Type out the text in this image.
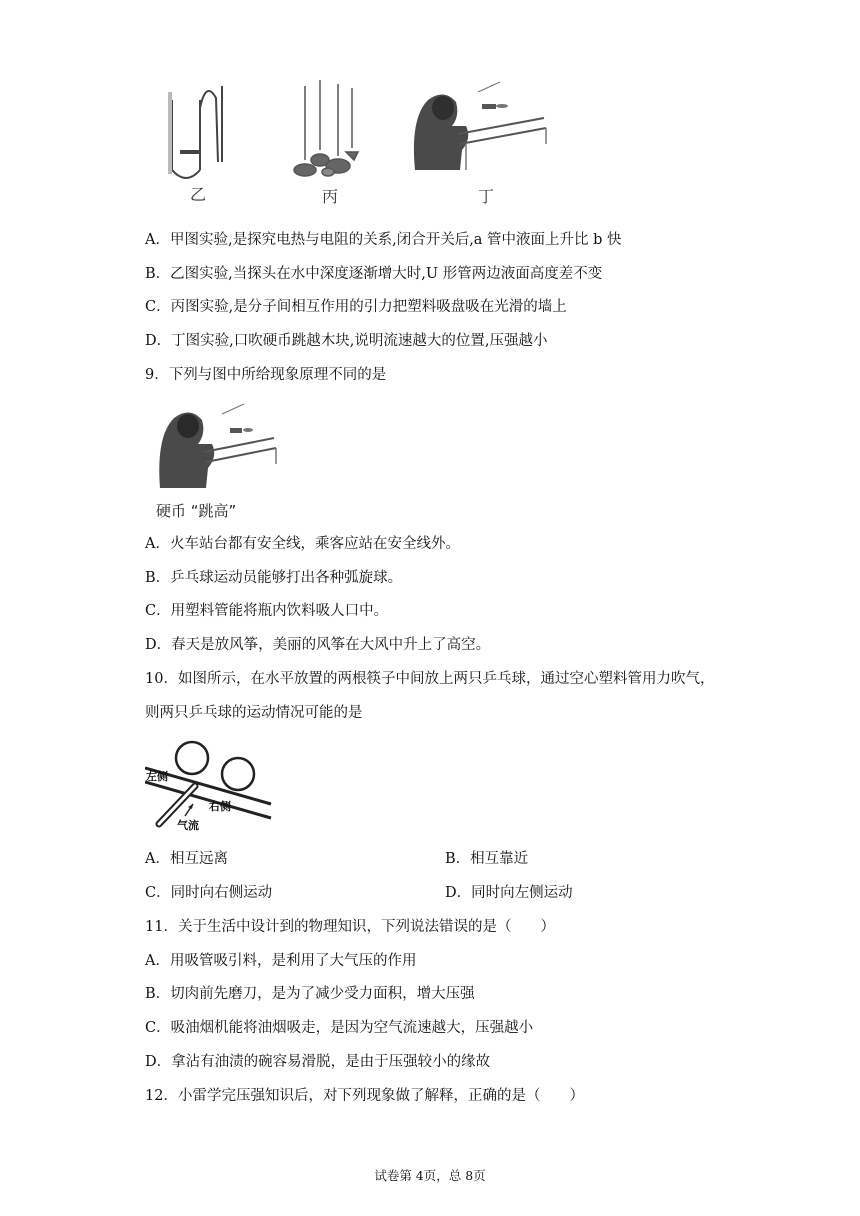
乙	丙	丁
A．甲图实验,是探究电热与电阻的关系,闭合开关后,a 管中液面上升比 b 快
B．乙图实验,当探头在水中深度逐渐增大时,U 形管两边液面高度差不变
C．丙图实验,是分子间相互作用的引力把塑料吸盘吸在光滑的墙上
D．丁图实验,口吹硬币跳越木块,说明流速越大的位置,压强越小
9．下列与图中所给现象原理不同的是
硬币 “跳高”
A．火车站台都有安全线，乘客应站在安全线外。
B．乒乓球运动员能够打出各种弧旋球。
C．用塑料管能将瓶内饮料吸人口中。
D．春天是放风筝，美丽的风筝在大风中升上了高空。
10．如图所示，在水平放置的两根筷子中间放上两只乒乓球，通过空心塑料管用力吹气，
则两只乒乓球的运动情况可能的是
左侧
右侧
气流
A．相互远离	B．相互靠近
C．同时向右侧运动	D．同时向左侧运动
11．关于生活中设计到的物理知识，下列说法错误的是（　　）
A．用吸管吸引料，是利用了大气压的作用
B．切肉前先磨刀，是为了减少受力面积，增大压强
C．吸油烟机能将油烟吸走，是因为空气流速越大，压强越小
D．拿沾有油渍的碗容易滑脱，是由于压强较小的缘故
12．小雷学完压强知识后，对下列现象做了解释，正确的是（　　）
试卷第 4页，总 8页
